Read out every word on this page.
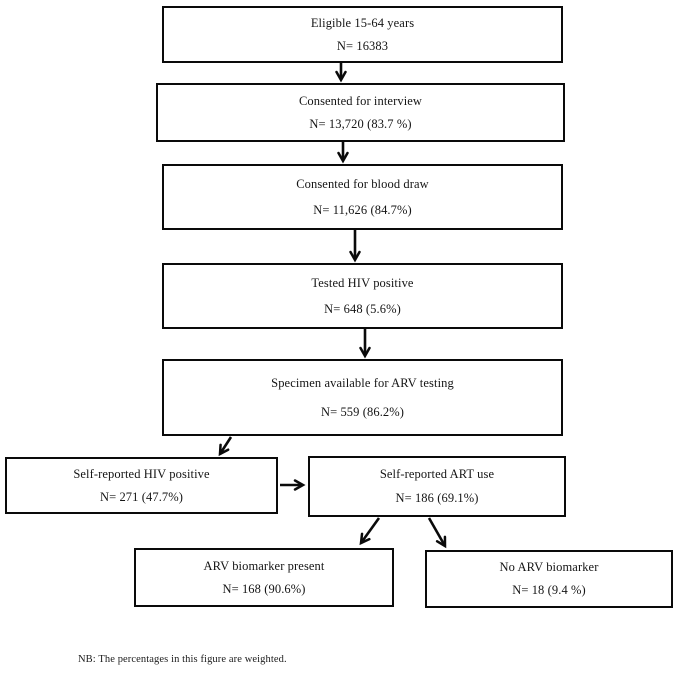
Eligible 15-64 years

N= 16383

Consented for interview

N= 13,720 (83.7 %)

Consented for blood draw

N= 11,626 (84.7%)

Tested HIV positive

N= 648 (5.6%)

Specimen available for ARV testing

N= 559 (86.2%)

Self-reported HIV positive

N= 271 (47.7%)

Self-reported ART use

N= 186 (69.1%)

ARV biomarker present

N= 168 (90.6%)

No ARV biomarker

N= 18 (9.4 %)

NB: The percentages in this figure are weighted.
